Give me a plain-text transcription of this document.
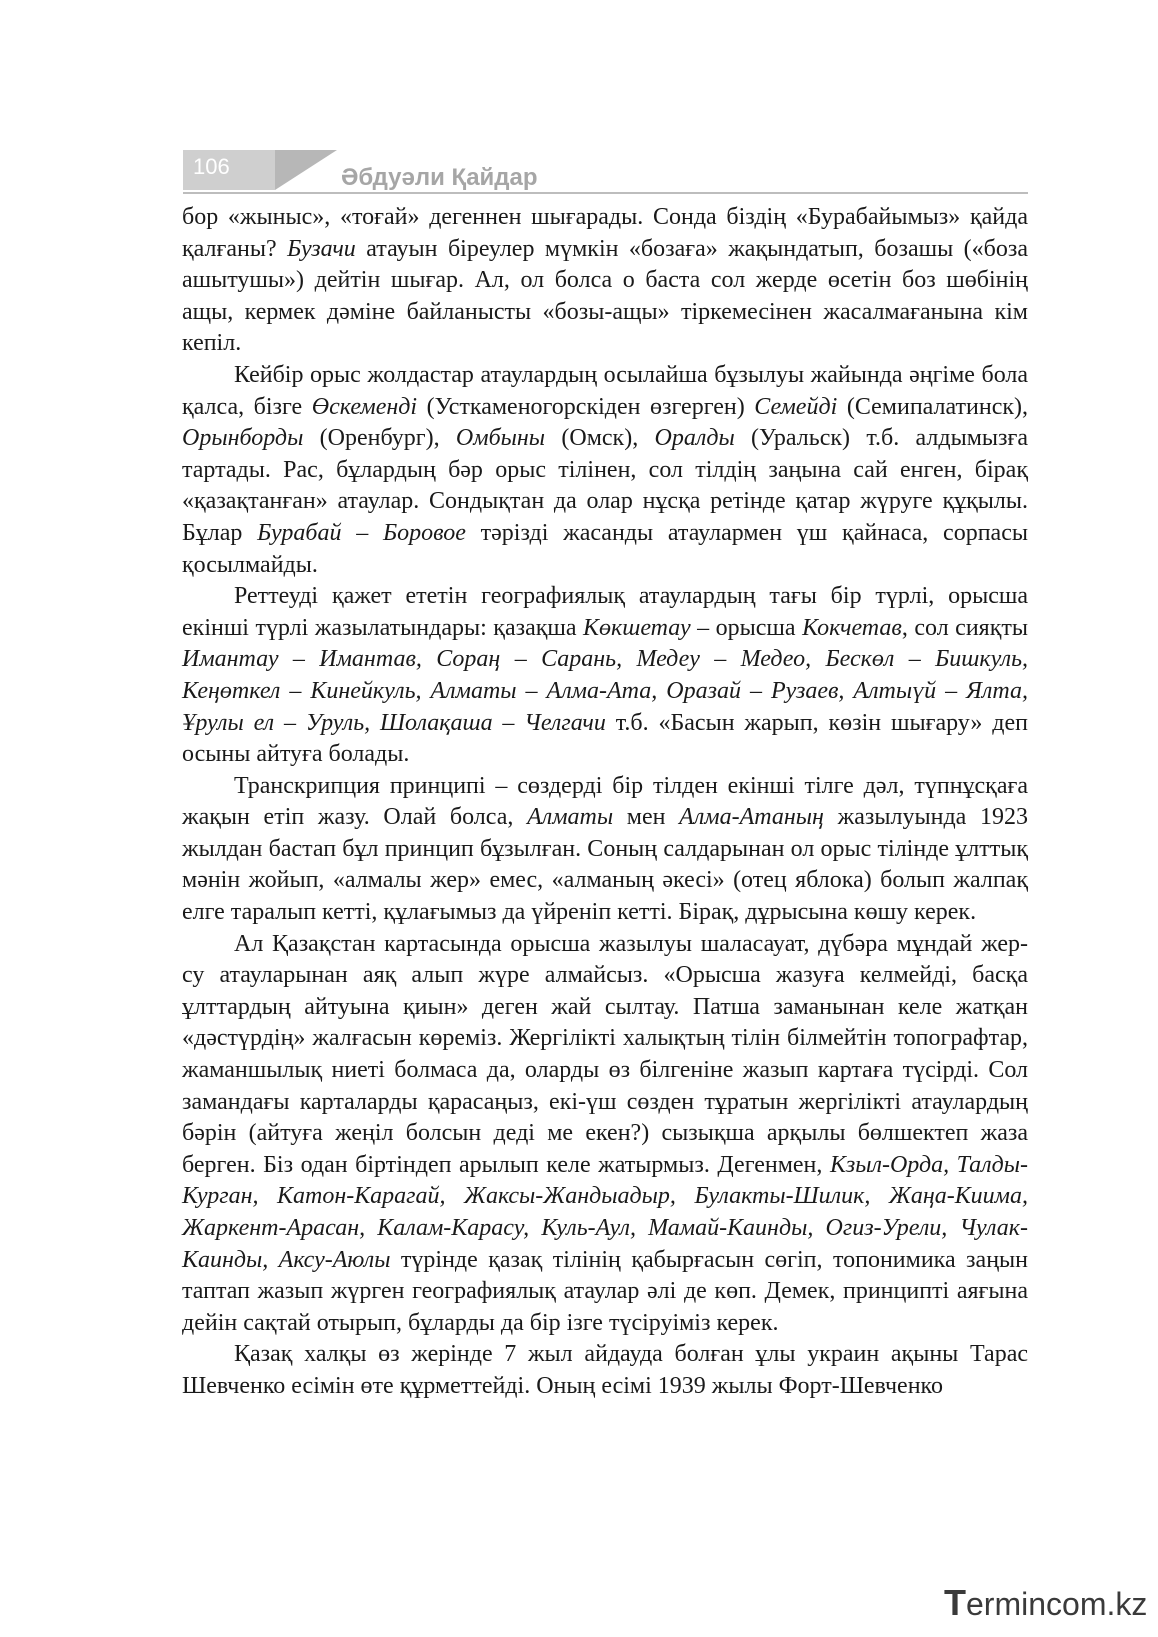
106	Әбдуәли Қайдар

бор «жыныс», «тоғай» дегеннен шығарады. Сонда біздің «Бурабайымыз» қайда қалғаны? Бузачи атауын біреулер мүмкін «бозаға» жақындатып, бозашы («боза ашытушы») дейтін шығар. Ал, ол болса о баста сол жерде өсетін боз шөбінің ащы, кермек дәміне байланысты «бозы-ащы» тіркемесінен жасалмағанына кім кепіл.

Кейбір орыс жолдастар атаулардың осылайша бұзылуы жайында әңгіме бола қалса, бізге Өскеменді (Усткаменогорскіден өзгерген) Семейді (Семипалатинск), Орынборды (Оренбург), Омбыны (Омск), Оралды (Уральск) т.б. алдымызға тартады. Рас, бұлардың бәр орыс тілінен, сол тілдің заңына сай енген, бірақ «қазақтанған» атаулар. Сондықтан да олар нұсқа ретінде қатар жүруге құқылы. Бұлар Бурабай – Боровое тәрізді жасанды атаулармен үш қайнаса, сорпасы қосылмайды.

Реттеуді қажет ететін географиялық атаулардың тағы бір түрлі, орысша екінші түрлі жазылатындары: қазақша Көкшетау – орысша Кокчетав, сол сияқты Имантау – Имантав, Сораң – Сарань, Медеу – Медео, Бескөл – Бишкуль, Кеңөткел – Кинейкуль, Алматы – Алма-Ата, Оразай – Рузаев, Алтыүй – Ялта, Ұрулы ел – Уруль, Шолақаша – Челгачи т.б. «Басын жарып, көзін шығару» деп осыны айтуға болады.

Транскрипция принципі – сөздерді бір тілден екінші тілге дәл, түпнұсқаға жақын етіп жазу. Олай болса, Алматы мен Алма-Атаның жазылуында 1923 жылдан бастап бұл принцип бұзылған. Соның салдарынан ол орыс тілінде ұлттық мәнін жойып, «алмалы жер» емес, «алманың әкесі» (отец яблока) болып жалпақ елге таралып кетті, құлағымыз да үйреніп кетті. Бірақ, дұрысына көшу керек.

Ал Қазақстан картасында орысша жазылуы шаласауат, дүбәра мұндай жер-су атауларынан аяқ алып жүре алмайсыз. «Орысша жазуға келмейді, басқа ұлттардың айтуына қиын» деген жай сылтау. Патша заманынан келе жатқан «дәстүрдің» жалғасын көреміз. Жергілікті халықтың тілін білмейтін топографтар, жаманшылық ниеті болмаса да, оларды өз білгеніне жазып картаға түсірді. Сол замандағы карталарды қарасаңыз, екі-үш сөзден тұратын жергілікті атаулардың бәрін (айтуға жеңіл болсын деді ме екен?) сызықша арқылы бөлшектеп жаза берген. Біз одан біртіндеп арылып келе жатырмыз. Дегенмен, Кзыл-Орда, Талды-Курган, Катон-Карагай, Жаксы-Жандыадыр, Булакты-Шилик, Жаңа-Киима, Жаркент-Арасан, Калам-Карасу, Куль-Аул, Мамай-Каинды, Огиз-Урели, Чулак-Каинды, Аксу-Аюлы түрінде қазақ тілінің қабырғасын сөгіп, топонимика заңын таптап жазып жүрген географиялық атаулар әлі де көп. Демек, принципті аяғына дейін сақтай отырып, бұларды да бір ізге түсіруіміз керек.

Қазақ халқы өз жерінде 7 жыл айдауда болған ұлы украин ақыны Тарас Шевченко есімін өте құрметтейді. Оның есімі 1939 жылы Форт-Шевченко

Termincom.kz
